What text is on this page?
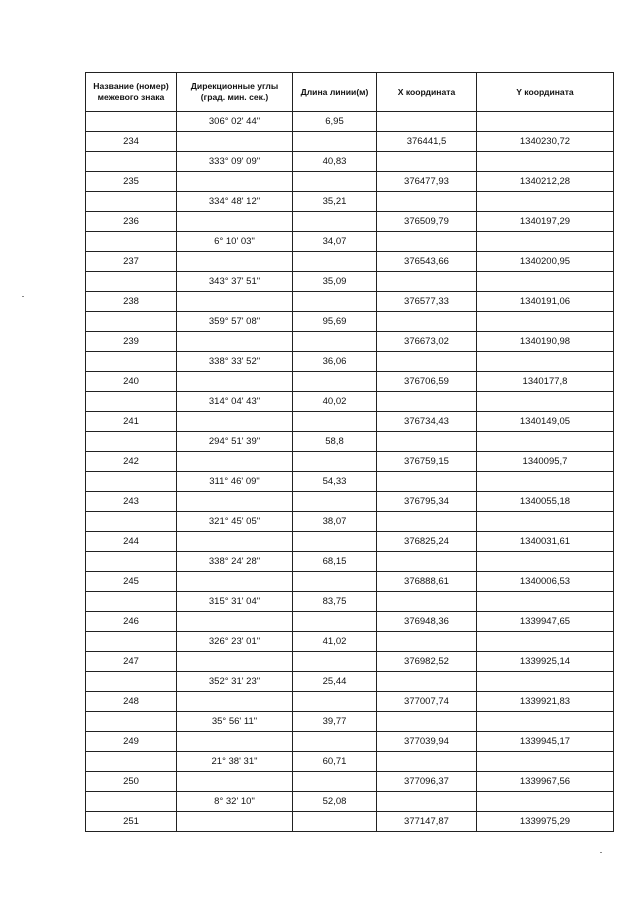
Название (номер) межевого знака	Дирекционные углы (град. мин. сек.)	Длина линии(м)	X координата	Y координата
	306° 02' 44"	6,95		
234			376441,5	1340230,72
	333° 09' 09"	40,83		
235			376477,93	1340212,28
	334° 48' 12"	35,21		
236			376509,79	1340197,29
	6° 10' 03"	34,07		
237			376543,66	1340200,95
	343° 37' 51"	35,09		
238			376577,33	1340191,06
	359° 57' 08"	95,69		
239			376673,02	1340190,98
	338° 33' 52"	36,06		
240			376706,59	1340177,8
	314° 04' 43"	40,02		
241			376734,43	1340149,05
	294° 51' 39"	58,8		
242			376759,15	1340095,7
	311° 46' 09"	54,33		
243			376795,34	1340055,18
	321° 45' 05"	38,07		
244			376825,24	1340031,61
	338° 24' 28"	68,15		
245			376888,61	1340006,53
	315° 31' 04"	83,75		
246			376948,36	1339947,65
	326° 23' 01"	41,02		
247			376982,52	1339925,14
	352° 31' 23"	25,44		
248			377007,74	1339921,83
	35° 56' 11"	39,77		
249			377039,94	1339945,17
	21° 38' 31"	60,71		
250			377096,37	1339967,56
	8° 32' 10"	52,08		
251			377147,87	1339975,29
